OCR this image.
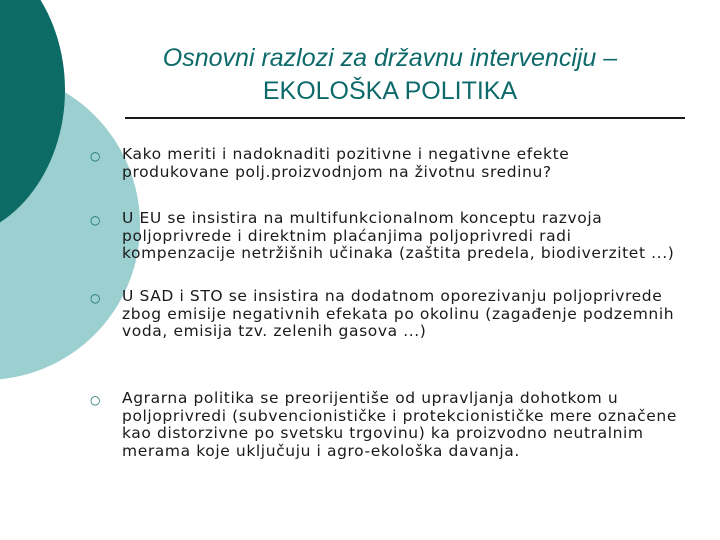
Osnovni razlozi za državnu intervenciju –
EKOLOŠKA POLITIKA
○	Kako meriti i nadoknaditi pozitivne i negativne efekte produkovane polj.proizvodnjom na životnu sredinu?
○	U EU se insistira na multifunkcionalnom konceptu razvoja poljoprivrede i direktnim plaćanjima poljoprivredi radi kompenzacije netržišnih učinaka (zaštita predela, biodiverzitet ...)
○	U SAD i STO se insistira na dodatnom oporezivanju poljoprivrede zbog emisije negativnih efekata po okolinu (zagađenje podzemnih voda, emisija tzv. zelenih gasova ...)
○	Agrarna politika se preorijentiše od upravljanja dohotkom u poljoprivredi (subvencionističke i protekcionističke mere označene kao distorzivne po svetsku trgovinu) ka proizvodno neutralnim merama koje uključuju i agro-ekološka davanja.
